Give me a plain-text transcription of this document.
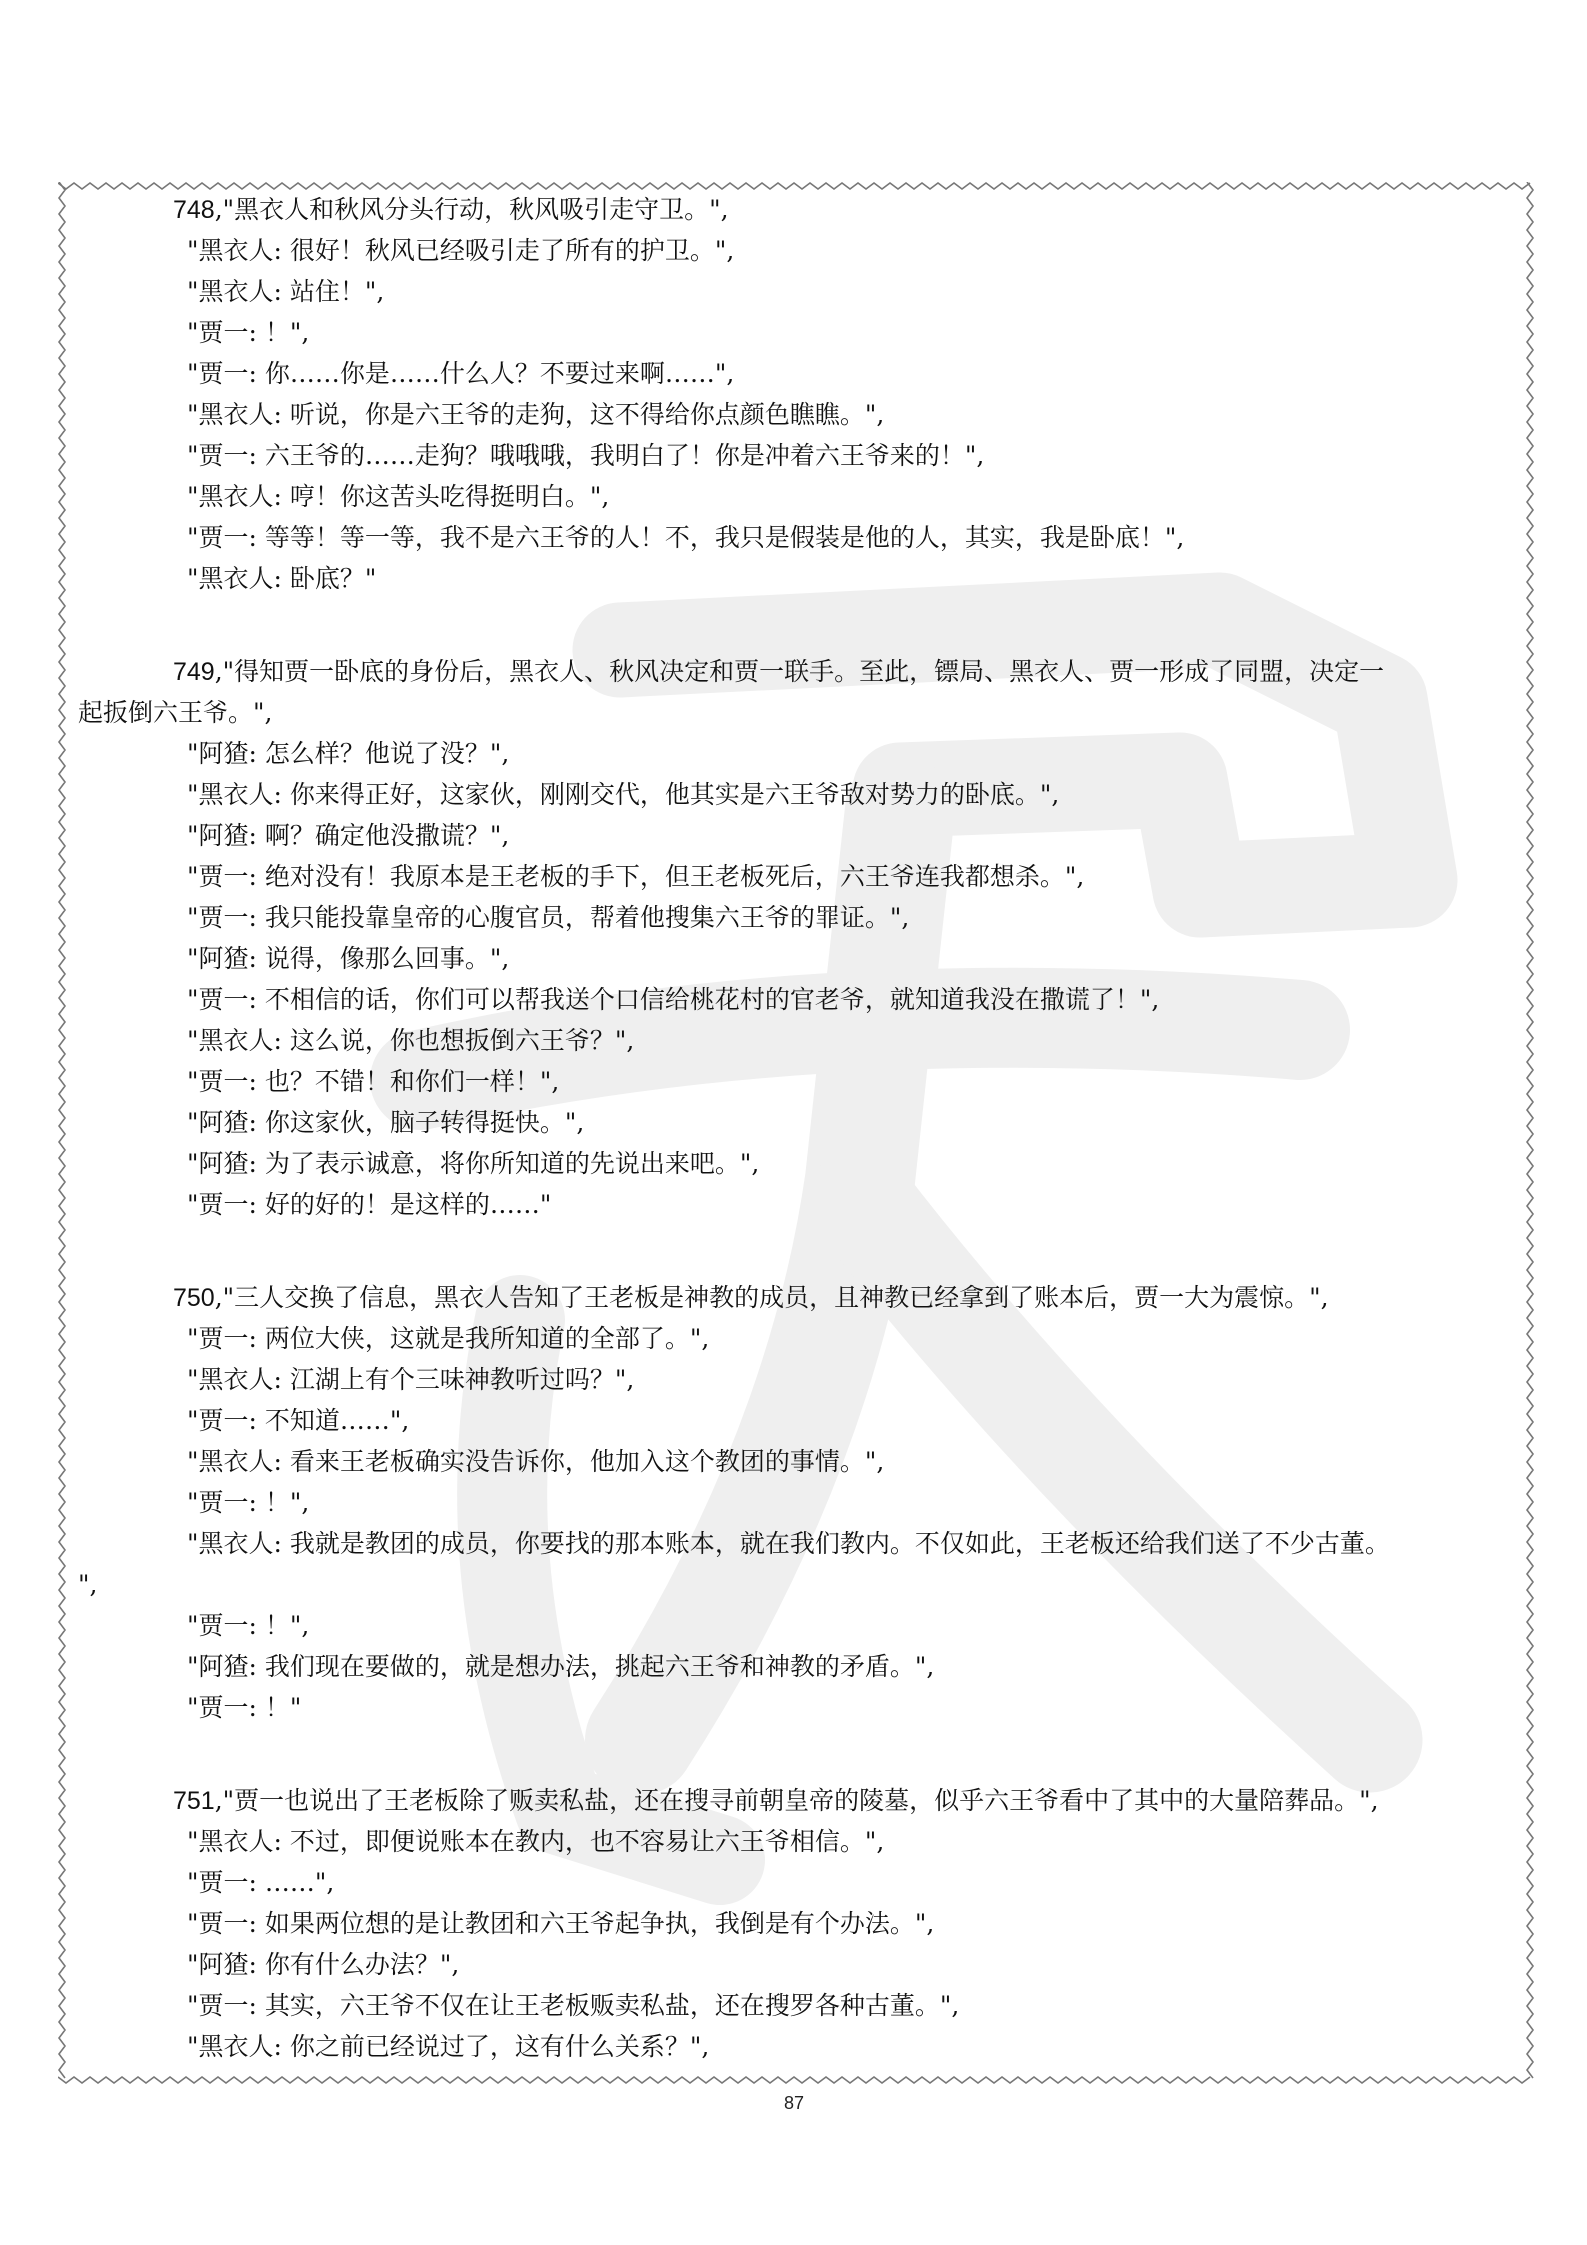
748,"黑衣人和秋风分头行动，秋风吸引走守卫。",
"黑衣人: 很好！秋风已经吸引走了所有的护卫。",
"黑衣人: 站住！",
"贾一: ！",
"贾一: 你……你是……什么人？不要过来啊……",
"黑衣人: 听说，你是六王爷的走狗，这不得给你点颜色瞧瞧。",
"贾一: 六王爷的……走狗？哦哦哦，我明白了！你是冲着六王爷来的！",
"黑衣人: 哼！你这苦头吃得挺明白。",
"贾一: 等等！等一等，我不是六王爷的人！不，我只是假装是他的人，其实，我是卧底！",
"黑衣人: 卧底？"
749,"得知贾一卧底的身份后，黑衣人、秋风决定和贾一联手。至此，镖局、黑衣人、贾一形成了同盟，决定一
起扳倒六王爷。",
"阿猹: 怎么样？他说了没？",
"黑衣人: 你来得正好，这家伙，刚刚交代，他其实是六王爷敌对势力的卧底。",
"阿猹: 啊？确定他没撒谎？",
"贾一: 绝对没有！我原本是王老板的手下，但王老板死后，六王爷连我都想杀。",
"贾一: 我只能投靠皇帝的心腹官员，帮着他搜集六王爷的罪证。",
"阿猹: 说得，像那么回事。",
"贾一: 不相信的话，你们可以帮我送个口信给桃花村的官老爷，就知道我没在撒谎了！",
"黑衣人: 这么说，你也想扳倒六王爷？",
"贾一: 也？不错！和你们一样！",
"阿猹: 你这家伙，脑子转得挺快。",
"阿猹: 为了表示诚意，将你所知道的先说出来吧。",
"贾一: 好的好的！是这样的……"
750,"三人交换了信息，黑衣人告知了王老板是神教的成员，且神教已经拿到了账本后，贾一大为震惊。",
"贾一: 两位大侠，这就是我所知道的全部了。",
"黑衣人: 江湖上有个三味神教听过吗？",
"贾一: 不知道……",
"黑衣人: 看来王老板确实没告诉你，他加入这个教团的事情。",
"贾一: ！",
"黑衣人: 我就是教团的成员，你要找的那本账本，就在我们教内。不仅如此，王老板还给我们送了不少古董。
",
"贾一: ！",
"阿猹: 我们现在要做的，就是想办法，挑起六王爷和神教的矛盾。",
"贾一: ！"
751,"贾一也说出了王老板除了贩卖私盐，还在搜寻前朝皇帝的陵墓，似乎六王爷看中了其中的大量陪葬品。",
"黑衣人: 不过，即便说账本在教内，也不容易让六王爷相信。",
"贾一: ……",
"贾一: 如果两位想的是让教团和六王爷起争执，我倒是有个办法。",
"阿猹: 你有什么办法？",
"贾一: 其实，六王爷不仅在让王老板贩卖私盐，还在搜罗各种古董。",
"黑衣人: 你之前已经说过了，这有什么关系？",
87
